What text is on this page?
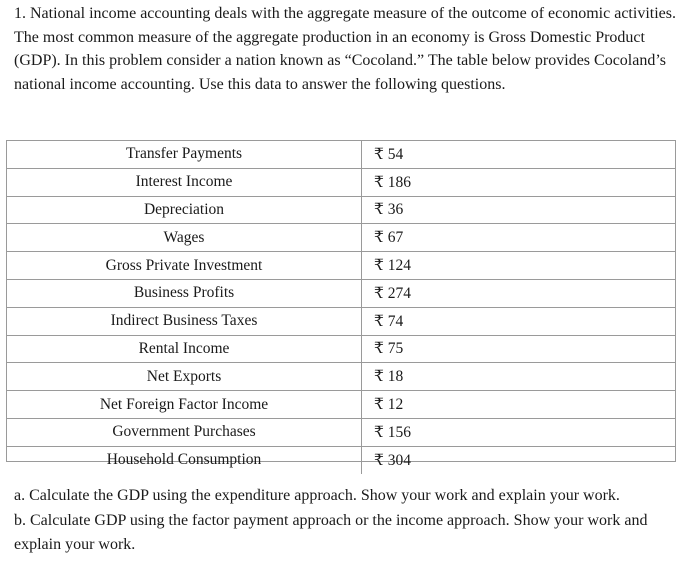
1. National income accounting deals with the aggregate measure of the outcome of economic activities. The most common measure of the aggregate production in an economy is Gross Domestic Product (GDP). In this problem consider a nation known as “Cocoland.” The table below provides Cocoland’s national income accounting. Use this data to answer the following questions.

Transfer Payments	₹ 54
Interest Income	₹ 186
Depreciation	₹ 36
Wages	₹ 67
Gross Private Investment	₹ 124
Business Profits	₹ 274
Indirect Business Taxes	₹ 74
Rental Income	₹ 75
Net Exports	₹ 18
Net Foreign Factor Income	₹ 12
Government Purchases	₹ 156
Household Consumption	₹ 304

a. Calculate the GDP using the expenditure approach. Show your work and explain your work.

b. Calculate GDP using the factor payment approach or the income approach. Show your work and explain your work.
